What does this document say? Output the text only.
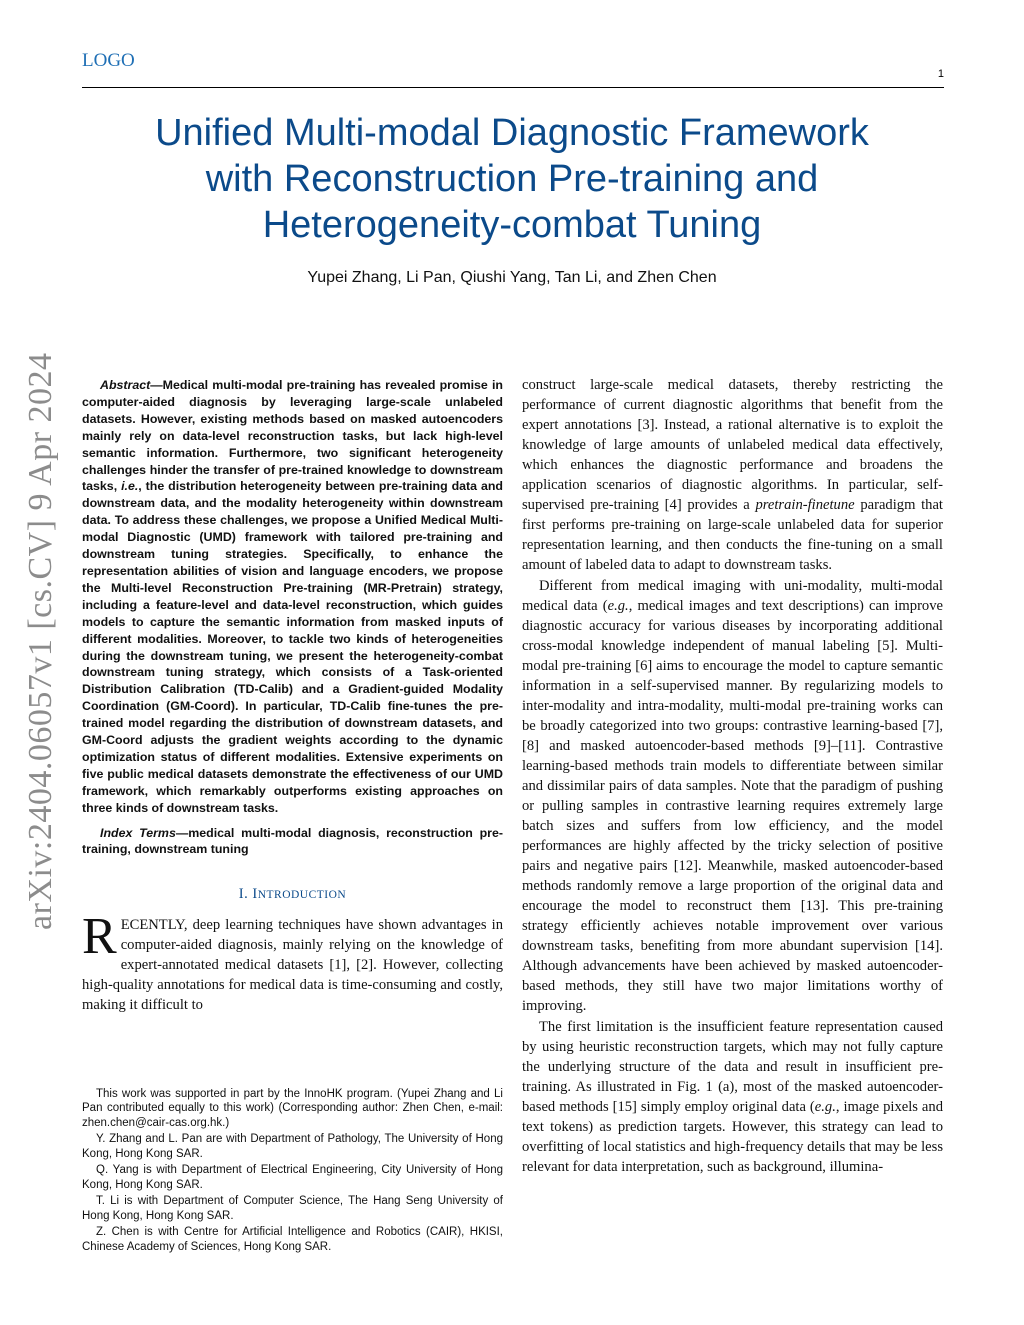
LOGO
1
Unified Multi-modal Diagnostic Framework
with Reconstruction Pre-training and
Heterogeneity-combat Tuning
Yupei Zhang, Li Pan, Qiushi Yang, Tan Li, and Zhen Chen
arXiv:2404.06057v1 [cs.CV] 9 Apr 2024	Abstract—Medical multi-modal pre-training has revealed promise in computer-aided diagnosis by leveraging large-scale unlabeled datasets. However, existing methods based on masked autoencoders mainly rely on data-level reconstruction tasks, but lack high-level semantic information. Furthermore, two significant heterogeneity challenges hinder the transfer of pre-trained knowledge to downstream tasks, i.e., the distribution heterogeneity between pre-training data and downstream data, and the modality heterogeneity within downstream data. To address these challenges, we propose a Unified Medical Multi-modal Diagnostic (UMD) framework with tailored pre-training and downstream tuning strategies. Specifically, to enhance the representation abilities of vision and language encoders, we propose the Multi-level Reconstruction Pre-training (MR-Pretrain) strategy, including a feature-level and data-level reconstruction, which guides models to capture the semantic information from masked inputs of different modalities. Moreover, to tackle two kinds of heterogeneities during the downstream tuning, we present the heterogeneity-combat downstream tuning strategy, which consists of a Task-oriented Distribution Calibration (TD-Calib) and a Gradient-guided Modality Coordination (GM-Coord). In particular, TD-Calib fine-tunes the pre-trained model regarding the distribution of downstream datasets, and GM-Coord adjusts the gradient weights according to the dynamic optimization status of different modalities. Extensive experiments on five public medical datasets demonstrate the effectiveness of our UMD framework, which remarkably outperforms existing approaches on three kinds of downstream tasks.

Index Terms—medical multi-modal diagnosis, reconstruction pre-training, downstream tuning

I. INTRODUCTION
RECENTLY, deep learning techniques have shown advantages in computer-aided diagnosis, mainly relying on the knowledge of expert-annotated medical datasets [1], [2]. However, collecting high-quality annotations for medical data is time-consuming and costly, making it difficult to

This work was supported in part by the InnoHK program. (Yupei Zhang and Li Pan contributed equally to this work) (Corresponding author: Zhen Chen, e-mail: zhen.chen@cair-cas.org.hk.)

Y. Zhang and L. Pan are with Department of Pathology, The University of Hong Kong, Hong Kong SAR.

Q. Yang is with Department of Electrical Engineering, City University of Hong Kong, Hong Kong SAR.

T. Li is with Department of Computer Science, The Hang Seng University of Hong Kong, Hong Kong SAR.

Z. Chen is with Centre for Artificial Intelligence and Robotics (CAIR), HKISI, Chinese Academy of Sciences, Hong Kong SAR.

construct large-scale medical datasets, thereby restricting the performance of current diagnostic algorithms that benefit from the expert annotations [3]. Instead, a rational alternative is to exploit the knowledge of large amounts of unlabeled medical data effectively, which enhances the diagnostic performance and broadens the application scenarios of diagnostic algorithms. In particular, self-supervised pre-training [4] provides a pretrain-finetune paradigm that first performs pre-training on large-scale unlabeled data for superior representation learning, and then conducts the fine-tuning on a small amount of labeled data to adapt to downstream tasks.

Different from medical imaging with uni-modality, multi-modal medical data (e.g., medical images and text descriptions) can improve diagnostic accuracy for various diseases by incorporating additional cross-modal knowledge independent of manual labeling [5]. Multi-modal pre-training [6] aims to encourage the model to capture semantic information in a self-supervised manner. By regularizing models to inter-modality and intra-modality, multi-modal pre-training works can be broadly categorized into two groups: contrastive learning-based [7], [8] and masked autoencoder-based methods [9]–[11]. Contrastive learning-based methods train models to differentiate between similar and dissimilar pairs of data samples. Note that the paradigm of pushing or pulling samples in contrastive learning requires extremely large batch sizes and suffers from low efficiency, and the model performances are highly affected by the tricky selection of positive pairs and negative pairs [12]. Meanwhile, masked autoencoder-based methods randomly remove a large proportion of the original data and encourage the model to reconstruct them [13]. This pre-training strategy efficiently achieves notable improvement over various downstream tasks, benefiting from more abundant supervision [14]. Although advancements have been achieved by masked autoencoder-based methods, they still have two major limitations worthy of improving.

The first limitation is the insufficient feature representation caused by using heuristic reconstruction targets, which may not fully capture the underlying structure of the data and result in insufficient pre-training. As illustrated in Fig. 1 (a), most of the masked autoencoder-based methods [15] simply employ original data (e.g., image pixels and text tokens) as prediction targets. However, this strategy can lead to overfitting of local statistics and high-frequency details that may be less relevant for data interpretation, such as background, illumina-
